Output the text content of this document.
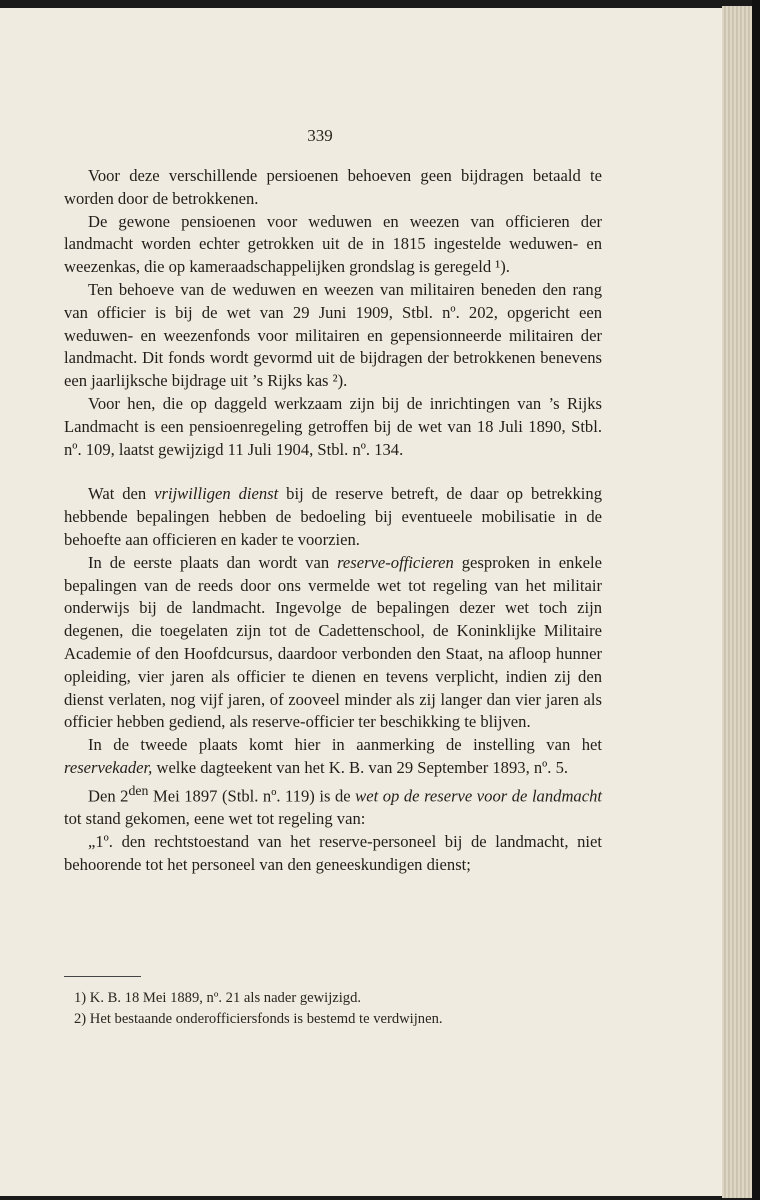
339

Voor deze verschillende persioenen behoeven geen bijdragen betaald te worden door de betrokkenen.

De gewone pensioenen voor weduwen en weezen van officieren der landmacht worden echter getrokken uit de in 1815 ingestelde weduwen- en weezenkas, die op kameraadschappelijken grondslag is geregeld ¹).

Ten behoeve van de weduwen en weezen van militairen beneden den rang van officier is bij de wet van 29 Juni 1909, Stbl. nº. 202, opgericht een weduwen- en weezenfonds voor militairen en gepensionneerde militairen der landmacht. Dit fonds wordt gevormd uit de bijdragen der betrokkenen benevens een jaarlijksche bijdrage uit ’s Rijks kas ²).

Voor hen, die op daggeld werkzaam zijn bij de inrichtingen van ’s Rijks Landmacht is een pensioenregeling getroffen bij de wet van 18 Juli 1890, Stbl. nº. 109, laatst gewijzigd 11 Juli 1904, Stbl. nº. 134.

Wat den vrijwilligen dienst bij de reserve betreft, de daar op betrekking hebbende bepalingen hebben de bedoeling bij eventueele mobilisatie in de behoefte aan officieren en kader te voorzien.

In de eerste plaats dan wordt van reserve-officieren gesproken in enkele bepalingen van de reeds door ons vermelde wet tot regeling van het militair onderwijs bij de landmacht. Ingevolge de bepalingen dezer wet toch zijn degenen, die toegelaten zijn tot de Cadettenschool, de Koninklijke Militaire Academie of den Hoofdcursus, daardoor verbonden den Staat, na afloop hunner opleiding, vier jaren als officier te dienen en tevens verplicht, indien zij den dienst verlaten, nog vijf jaren, of zooveel minder als zij langer dan vier jaren als officier hebben gediend, als reserve-officier ter beschikking te blijven.

In de tweede plaats komt hier in aanmerking de instelling van het reservekader, welke dagteekent van het K. B. van 29 September 1893, nº. 5.

Den $2^{den}$ Mei 1897 (Stbl. nº. 119) is de wet op de reserve voor de landmacht tot stand gekomen, eene wet tot regeling van:

„1º. den rechtstoestand van het reserve-personeel bij de landmacht, niet behoorende tot het personeel van den geneeskundigen dienst;

1) K. B. 18 Mei 1889, nº. 21 als nader gewijzigd.
2) Het bestaande onderofficiersfonds is bestemd te verdwijnen.
